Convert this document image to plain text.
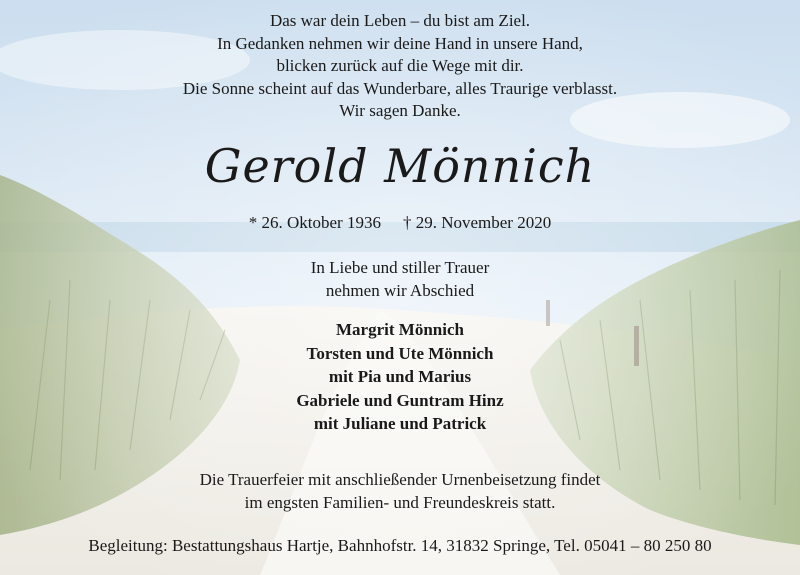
Das war dein Leben – du bist am Ziel.
In Gedanken nehmen wir deine Hand in unsere Hand,
blicken zurück auf die Wege mit dir.
Die Sonne scheint auf das Wunderbare, alles Traurige verblasst.
Wir sagen Danke.
Gerold Mönnich
* 26. Oktober 1936 † 29. November 2020
In Liebe und stiller Trauer
nehmen wir Abschied
Margrit Mönnich
Torsten und Ute Mönnich
mit Pia und Marius
Gabriele und Guntram Hinz
mit Juliane und Patrick
Die Trauerfeier mit anschließender Urnenbeisetzung findet
im engsten Familien- und Freundeskreis statt.
Begleitung: Bestattungshaus Hartje, Bahnhofstr. 14, 31832 Springe, Tel. 05041 – 80 250 80
